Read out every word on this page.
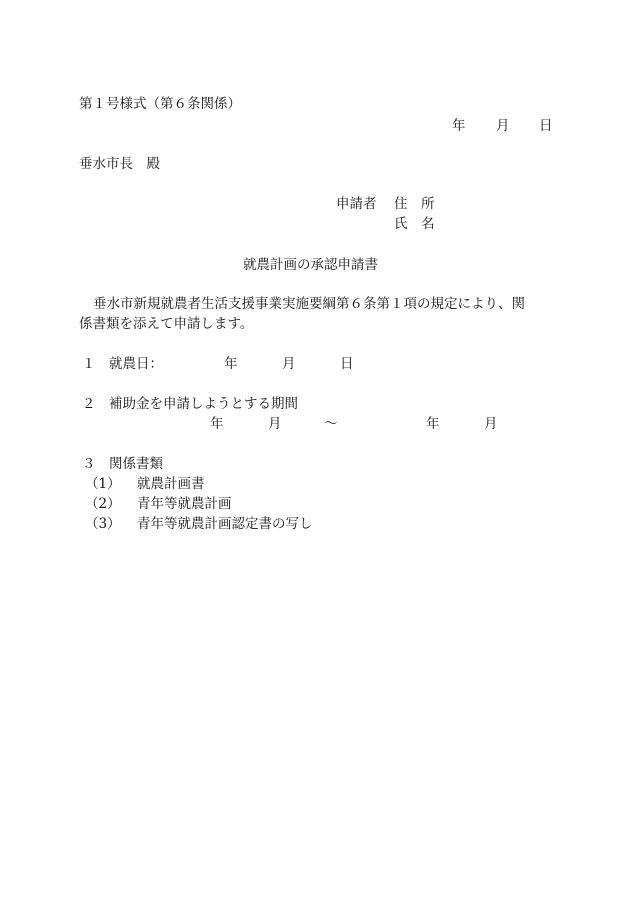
第１号様式（第６条関係）
年 月 日
垂水市長　殿
申請者 住　所
氏　名
就農計画の承認申請書
垂水市新規就農者生活支援事業実施要綱第６条第１項の規定により、関
係書類を添えて申請します。
１ 就農日：	年	月	日
２ 補助金を申請しようとする期間
年	月	～	年	月
３ 関係書類
（1） 就農計画書
（2） 青年等就農計画
（3） 青年等就農計画認定書の写し
